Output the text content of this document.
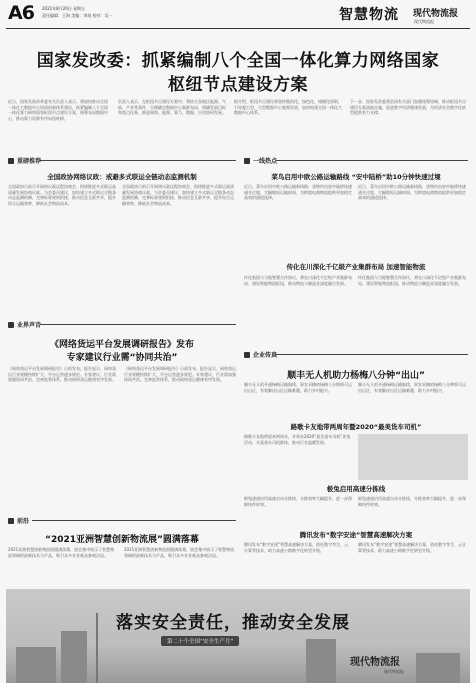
A6 2021年8月20日 星期五
责任编辑：王海 美编：李琦 校对：吴一	智慧物流 现代物流报
现代物流报
国家发改委：抓紧编制八个全国一体化算力网络国家
枢纽节点建设方案
近日，国家发展改革委有关负责人表示，将加快推动全国一体化大数据中心协同创新体系建设，抓紧编制八个全国一体化算力网络国家枢纽节点建设方案，统筹布局数据中心，推动算力资源有序向西转移。
负责人表示，在枢纽节点建设方案中，将结合各地区能源、气候、产业等条件，合理确定数据中心集群布局，明确发展目标和重点任务，推进网络、能源、算力、数据、应用协同发展。
据介绍，枢纽节点建设将坚持集约化、绿色化、规模化原则，引导超大型、大型数据中心集聚发展，加快构建全国一体化大数据中心体系。
下一步，国家发改委将会同有关部门加强统筹协调，推动枢纽节点建设方案落地实施，促进数字经济健康发展，为经济社会数字化转型提供有力支撑。
重磅推荐	一线热点
全国政协网络议政：戒避多式联运全链动态监测机制
全国政协日前召开网络议政远程协商会，围绕推进多式联运高质量发展协商议政。与会委员建议，加快建立多式联运全链条动态监测机制，完善标准规则衔接，推动信息互联共享，提升综合运输效率，降低社会物流成本。
全国政协日前召开网络议政远程协商会，围绕推进多式联运高质量发展协商议政。与会委员建议，加快建立多式联运全链条动态监测机制，完善标准规则衔接，推动信息互联共享，提升综合运输效率，降低社会物流成本。
菜鸟启用中欧公路运输路线 “安中陆桥”助10分钟快速过境
近日，菜鸟启用中欧公路运输新线路，货物经由安中陆桥快速通关过境，大幅缩短运输时间，为跨境电商物流提供更加稳定高效的通道选择。
近日，菜鸟启用中欧公路运输新线路，货物经由安中陆桥快速通关过境，大幅缩短运输时间，为跨境电商物流提供更加稳定高效的通道选择。
传化在川深化千亿级产业集群布局 加速智能物流
传化集团与当地签署合作协议，将在川深化千亿级产业集群布局，建设智能物流枢纽，推动物流与制造业深度融合发展。
传化集团与当地签署合作协议，将在川深化千亿级产业集群布局，建设智能物流枢纽，推动物流与制造业深度融合发展。
业界声音
企业传真
《网络货运平台发展调研报告》发布
专家建议行业需“协同共治”
《网络货运平台发展调研报告》日前发布。报告显示，网络货运行业规模持续扩大，平台运营逐步规范。专家建议，行业需加强协同共治，完善监管体系，推动网络货运健康有序发展。
《网络货运平台发展调研报告》日前发布。报告显示，网络货运行业规模持续扩大，平台运营逐步规范。专家建议，行业需加强协同共治，完善监管体系，推动网络货运健康有序发展。	顺丰无人机助力杨梅八分钟“出山”
顺丰无人机开通杨梅运输航线，果农采摘的杨梅八分钟即可运出山区，有效解决山区运输难题，助力乡村振兴。
顺丰无人机开通杨梅运输航线，果农采摘的杨梅八分钟即可运出山区，有效解决山区运输难题，助力乡村振兴。
路歌卡友地带两周年暨2020“最美货车司机”
路歌卡友地带迎来两周年，并举办2020“最美货车司机”评选活动，关爱货车司机群体，推动行业温暖发展。
极兔启用高速分拣线
极兔速递启用高速自动分拣线，分拣效率大幅提升，进一步保障快件时效。
极兔速递启用高速自动分拣线，分拣效率大幅提升，进一步保障快件时效。
腾讯发布“数字安途”智慧高速解决方案
腾讯发布“数字安途”智慧高速解决方案，依托数字孪生、云计算等技术，助力高速公路数字化转型升级。
腾讯发布“数字安途”智慧高速解决方案，依托数字孪生、云计算等技术，助力高速公路数字化转型升级。
前沿
“2021亚洲智慧创新物流展”圆满落幕
2021亚洲智慧创新物流展圆满落幕，展会集中展示了智慧物流领域的最新技术与产品，吸引众多专业观众参观洽谈。
2021亚洲智慧创新物流展圆满落幕，展会集中展示了智慧物流领域的最新技术与产品，吸引众多专业观众参观洽谈。
落实安全责任，推动安全发展
第二十个全国“安全生产月”
现代物流报
现代物流报
